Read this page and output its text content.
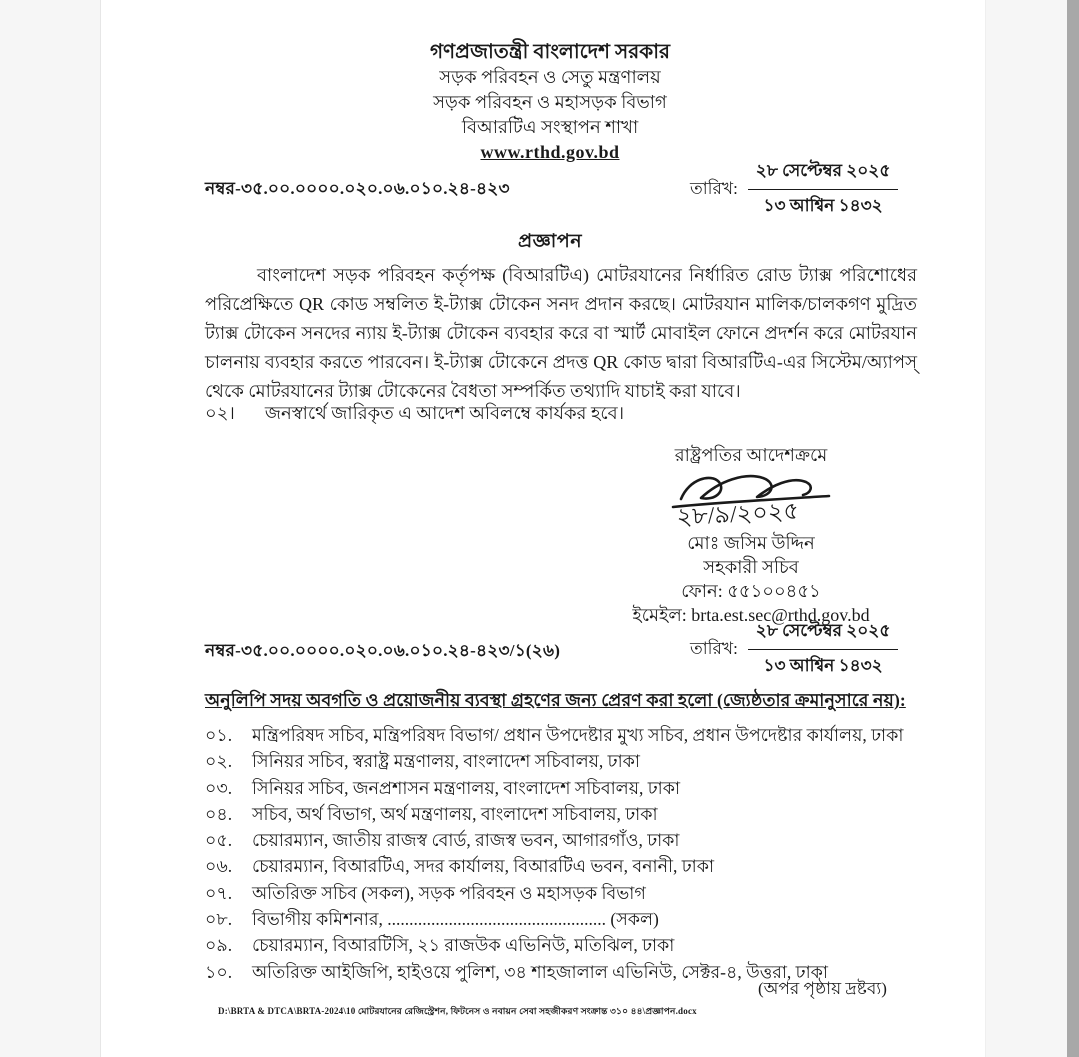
গণপ্রজাতন্ত্রী বাংলাদেশ সরকার
সড়ক পরিবহন ও সেতু মন্ত্রণালয়
সড়ক পরিবহন ও মহাসড়ক বিভাগ
বিআরটিএ সংস্থাপন শাখা
www.rthd.gov.bd
নম্বর-৩৫.০০.০০০০.০২০.০৬.০১০.২৪-৪২৩	তারিখ:
২৮ সেপ্টেম্বর ২০২৫
১৩ আশ্বিন ১৪৩২
প্রজ্ঞাপন
বাংলাদেশ সড়ক পরিবহন কর্তৃপক্ষ (বিআরটিএ) মোটরযানের নির্ধারিত রোড ট্যাক্স পরিশোধের পরিপ্রেক্ষিতে QR কোড সম্বলিত ই-ট্যাক্স টোকেন সনদ প্রদান করছে। মোটরযান মালিক/চালকগণ মুদ্রিত ট্যাক্স টোকেন সনদের ন্যায় ই-ট্যাক্স টোকেন ব্যবহার করে বা স্মার্ট মোবাইল ফোনে প্রদর্শন করে মোটরযান চালনায় ব্যবহার করতে পারবেন। ই-ট্যাক্স টোকেনে প্রদত্ত QR কোড দ্বারা বিআরটিএ-এর সিস্টেম/অ্যাপস্ থেকে মোটরযানের ট্যাক্স টোকেনের বৈধতা সম্পর্কিত তথ্যাদি যাচাই করা যাবে।
০২। জনস্বার্থে জারিকৃত এ আদেশ অবিলম্বে কার্যকর হবে।
রাষ্ট্রপতির আদেশক্রমে
২৮/৯/২০২৫
মোঃ জসিম উদ্দিন
সহকারী সচিব
ফোন: ৫৫১০০৪৫১
ইমেইল: brta.est.sec@rthd.gov.bd
নম্বর-৩৫.০০.০০০০.০২০.০৬.০১০.২৪-৪২৩/১(২৬)	তারিখ:
২৮ সেপ্টেম্বর ২০২৫
১৩ আশ্বিন ১৪৩২
অনুলিপি সদয় অবগতি ও প্রয়োজনীয় ব্যবস্থা গ্রহণের জন্য প্রেরণ করা হলো (জ্যেষ্ঠতার ক্রমানুসারে নয়):
০১.	মন্ত্রিপরিষদ সচিব, মন্ত্রিপরিষদ বিভাগ/ প্রধান উপদেষ্টার মুখ্য সচিব, প্রধান উপদেষ্টার কার্যালয়, ঢাকা
০২.	সিনিয়র সচিব, স্বরাষ্ট্র মন্ত্রণালয়, বাংলাদেশ সচিবালয়, ঢাকা
০৩.	সিনিয়র সচিব, জনপ্রশাসন মন্ত্রণালয়, বাংলাদেশ সচিবালয়, ঢাকা
০৪.	সচিব, অর্থ বিভাগ, অর্থ মন্ত্রণালয়, বাংলাদেশ সচিবালয়, ঢাকা
০৫.	চেয়ারম্যান, জাতীয় রাজস্ব বোর্ড, রাজস্ব ভবন, আগারগাঁও, ঢাকা
০৬.	চেয়ারম্যান, বিআরটিএ, সদর কার্যালয়, বিআরটিএ ভবন, বনানী, ঢাকা
০৭.	অতিরিক্ত সচিব (সকল), সড়ক পরিবহন ও মহাসড়ক বিভাগ
০৮.	বিভাগীয় কমিশনার, .................................................. (সকল)
০৯.	চেয়ারম্যান, বিআরটিসি, ২১ রাজউক এভিনিউ, মতিঝিল, ঢাকা
১০.	অতিরিক্ত আইজিপি, হাইওয়ে পুলিশ, ৩৪ শাহজালাল এভিনিউ, সেক্টর-৪, উত্তরা, ঢাকা
(অপর পৃষ্ঠায় দ্রষ্টব্য)
D:\BRTA & DTCA\BRTA-2024\10 মোটরযানের রেজিস্ট্রেশন, ফিটনেস ও নবায়ন সেবা সহজীকরণ সংক্রান্ত ৩১০ ৪৪\প্রজ্ঞাপন.docx
